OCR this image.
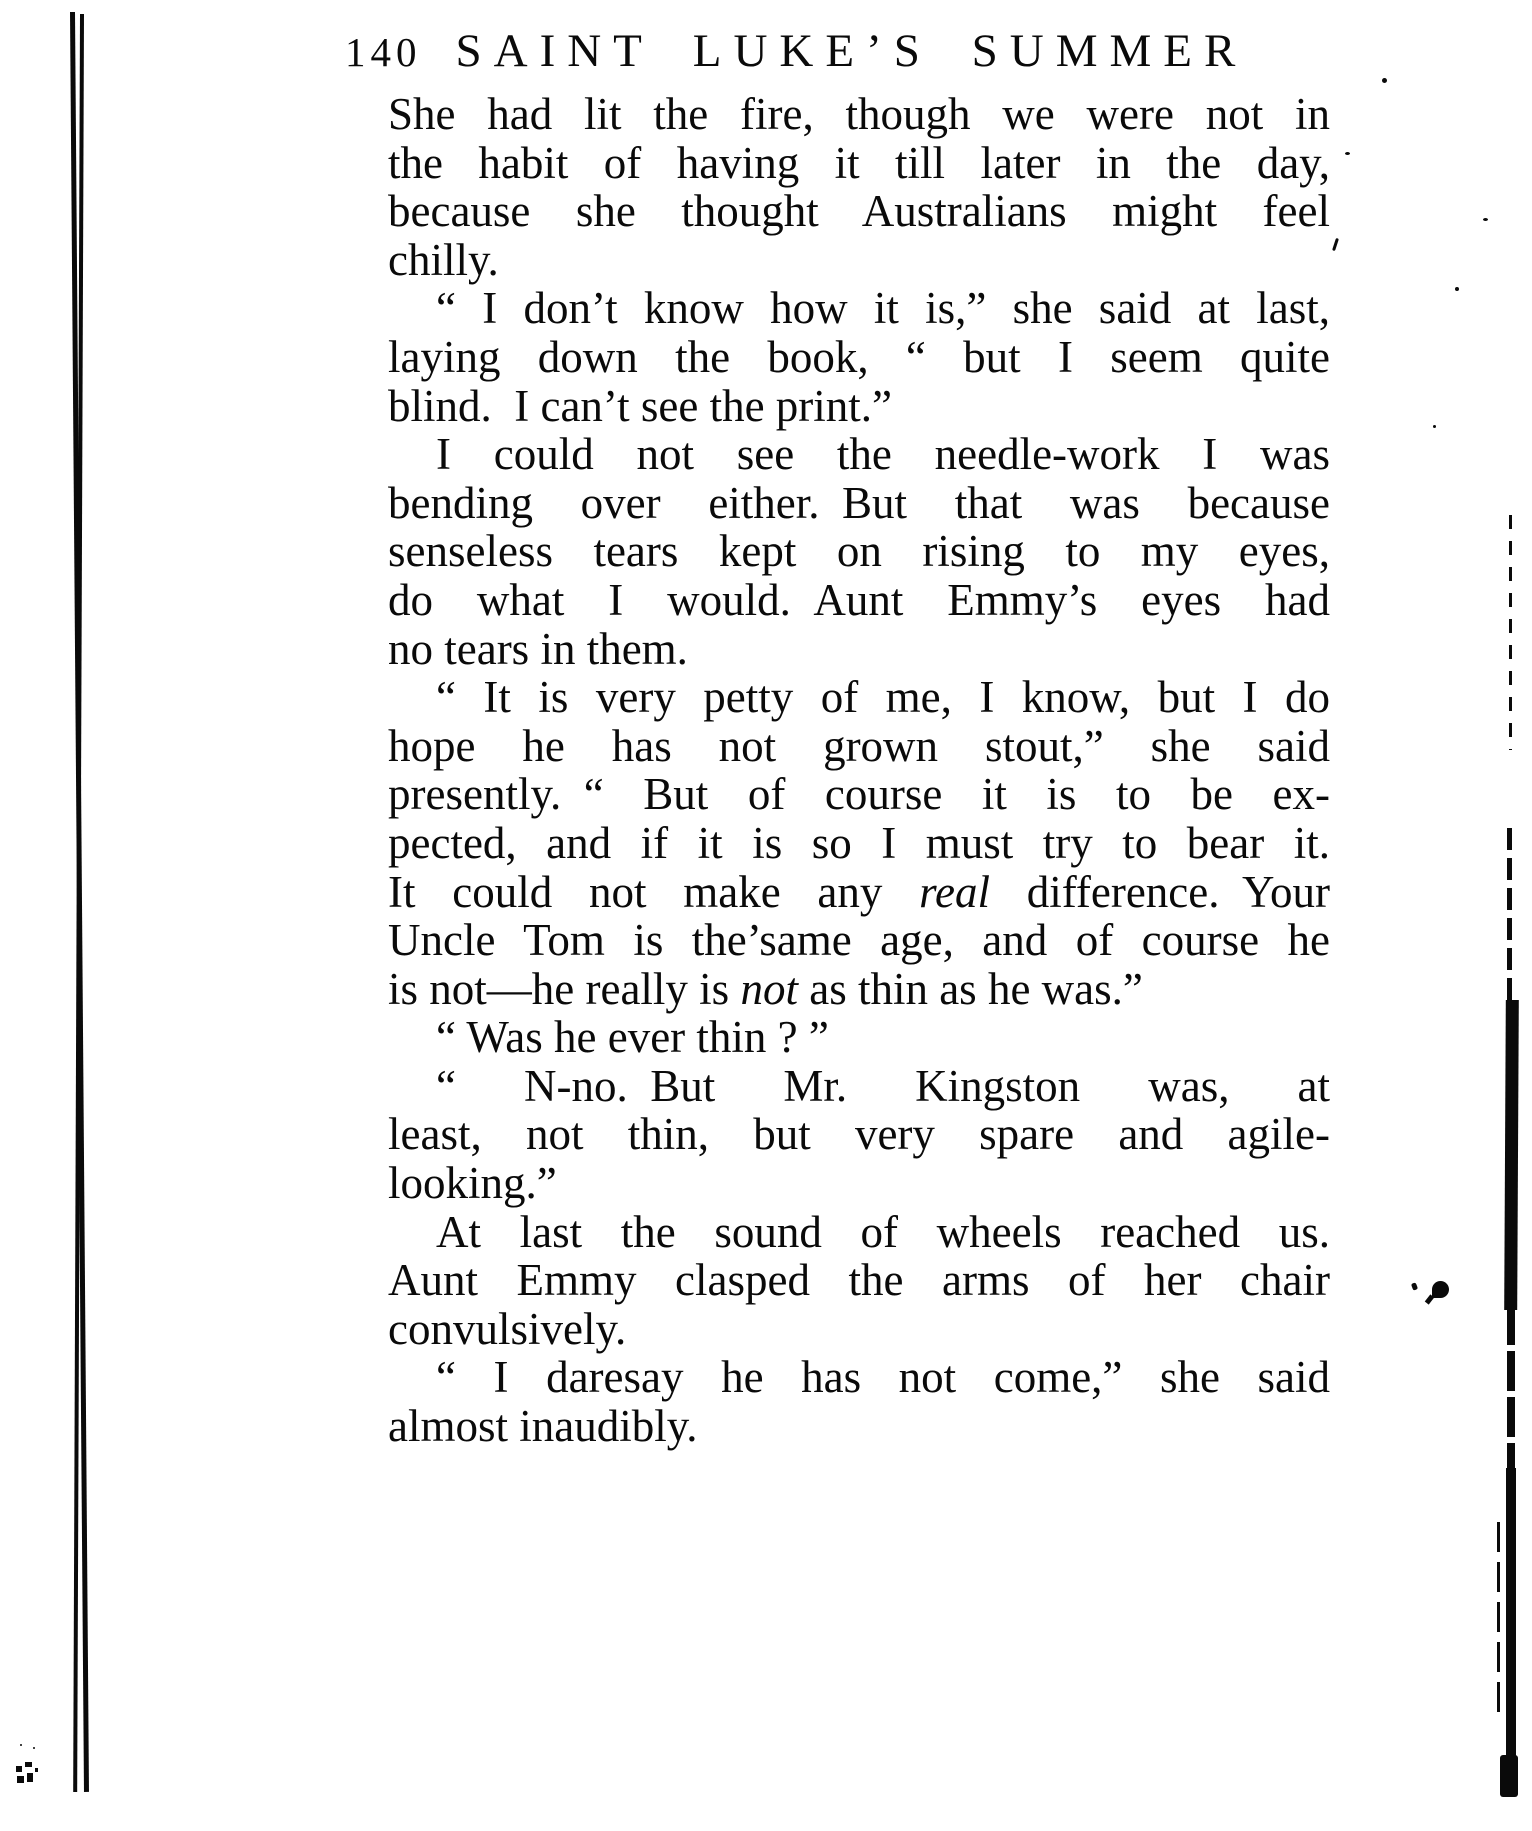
140 SAINT LUKE’S SUMMER
She had lit the fire, though we were not in
the habit of having it till later in the day,
because she thought Australians might feel
chilly.
“ I don’t know how it is,” she said at last,
laying down the book, “ but I seem quite
blind. I can’t see the print.”
I could not see the needle-work I was
bending over either. But that was because
senseless tears kept on rising to my eyes,
do what I would. Aunt Emmy’s eyes had
no tears in them.
“ It is very petty of me, I know, but I do
hope he has not grown stout,” she said
presently. “ But of course it is to be ex-
pected, and if it is so I must try to bear it.
It could not make any real difference. Your
Uncle Tom is the’same age, and of course he
is not—he really is not as thin as he was.”
“ Was he ever thin ? ”
“ N-no. But Mr. Kingston was, at
least, not thin, but very spare and agile-
looking.”
At last the sound of wheels reached us.
Aunt Emmy clasped the arms of her chair
convulsively.
“ I daresay he has not come,” she said
almost inaudibly.
